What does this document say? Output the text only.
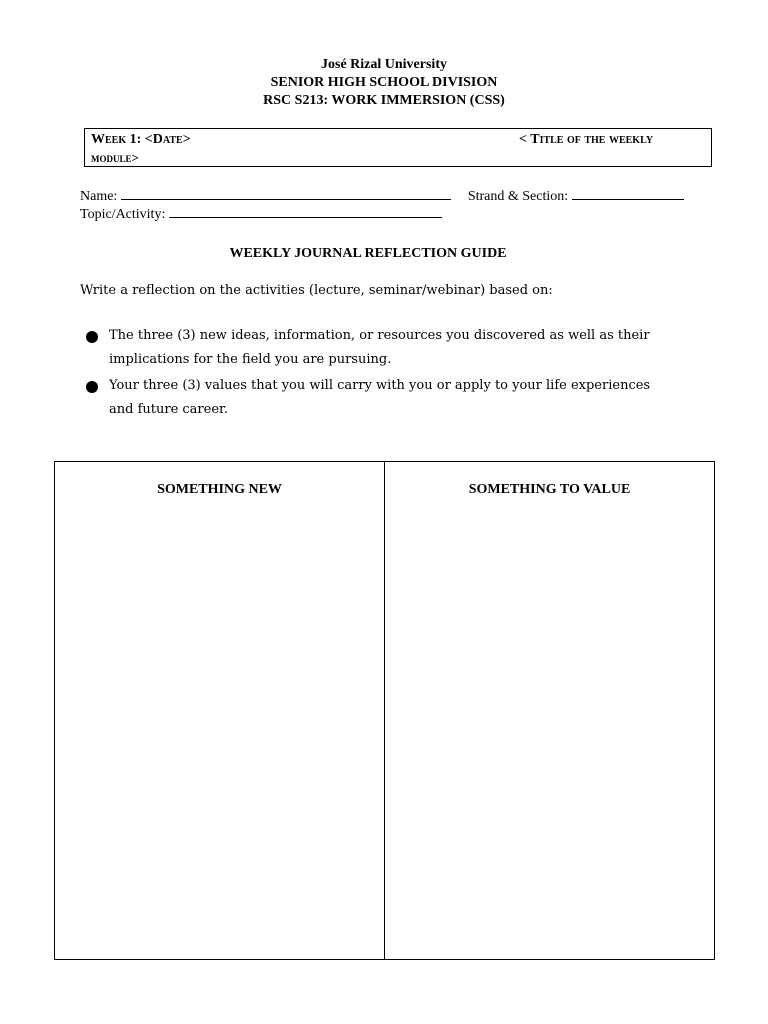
José Rizal University
SENIOR HIGH SCHOOL DIVISION
RSC S213: WORK IMMERSION (CSS)
Week 1: <Date>	< Title of the weekly
module>
Name:	Strand & Section:
Topic/Activity:
WEEKLY JOURNAL REFLECTION GUIDE
Write a reflection on the activities (lecture, seminar/webinar) based on:
The three (3) new ideas, information, or resources you discovered as well as their implications for the field you are pursuing.
Your three (3) values that you will carry with you or apply to your life experiences and future career.
SOMETHING NEW	SOMETHING TO VALUE
